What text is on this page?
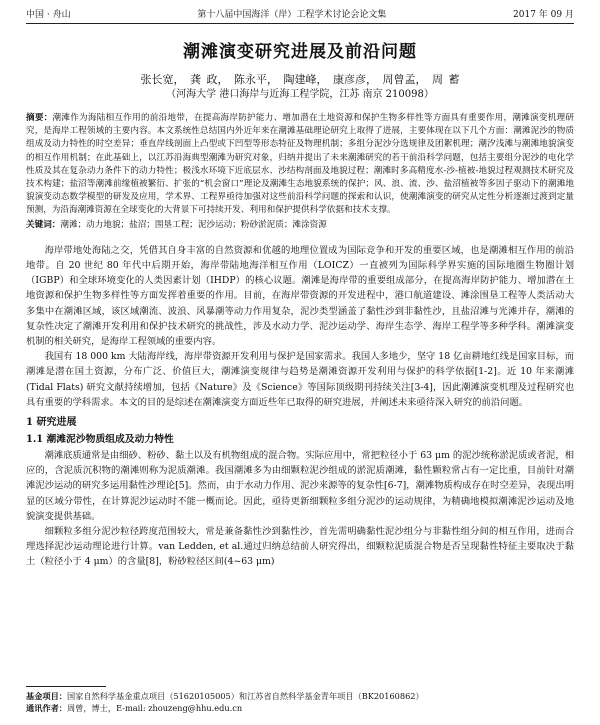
中国 · 舟山	第十八届中国海洋（岸）工程学术讨论会论文集	2017 年 09 月
潮滩演变研究进展及前沿问题
张长宽， 龚 政， 陈永平， 陶建峰， 康彦彦， 周曾孟， 周 蓄
（河海大学 港口海岸与近海工程学院，江苏 南京 210098）
摘要：潮滩作为海陆相互作用的前沿地带，在提高海岸防护能力、增加潜在土地资源和保护生物多样性等方面具有重要作用，潮滩演变机理研究，是海岸工程领域的主要内容。本文系统性总结国内外近年来在潮滩基础理论研究上取得了进展，主要体现在以下几个方面：潮滩泥沙的物质组成及动力特性的时空差异；垂直岸线剖面上凸型或下凹型等形态特征及物理机制；多组分泥沙分选规律及团絮机理；潮汐浅滩与潮滩地貌演变的相互作用机制；在此基础上，以江苏沿海典型潮滩为研究对象，归纳并提出了未来潮滩研究的若干前沿科学问题，包括主要组分泥沙的电化学性质及其在复杂动力条件下的动力特性；极浅水环境下近底层水、沙结构剖面及地貌过程；潮滩时多高精度水-沙-植被-地貌过程观测技术研究及技术构建；盐沼等潮滩前缘植被繁衍、扩张的“机会窗口”理论及潮滩生态地貌系统的保护；风、浪、流、沙、盐沼植被等多因子驱动下的潮滩地貌演变动态数学模型的研发及应用，学术界、工程界亟待加强对这些前沿科学问题的探索和认识，使潮滩演变的研究从定性分析逐渐过渡到定量预测，为沿海潮滩资源在全球变化的大背景下可持续开发、利用和保护提供科学依据和技术支撑。
关键词：潮滩；动力地貌；盐沼；围垦工程；泥沙运动；粉砂淤泥质；滩涂资源

海岸带地处海陆之交，凭借其自身丰富的自然资源和优越的地理位置成为国际竞争和开发的重要区域，也是潮滩相互作用的前沿地带。自 20 世纪 80 年代中后期开始，海岸带陆地海洋相互作用（LOICZ）一直被列为国际科学界实施的国际地圈生物圈计划（IGBP）和全球环境变化的人类因素计划（IHDP）的核心议题。潮滩是海岸带的重要组成部分，在提高海岸防护能力、增加潜在土地资源和保护生物多样性等方面发挥着重要的作用。目前，在海岸带资源的开发进程中，港口航道建设、滩涂围垦工程等人类活动大多集中在潮滩区域，该区域潮流、波浪、风暴潮等动力作用复杂，泥沙类型涵盖了黏性沙到非黏性沙，且盐沼滩与光滩并存，潮滩的复杂性决定了潮滩开发利用和保护技术研究的挑战性，涉及水动力学、泥沙运动学、海岸生态学、海岸工程学等多种学科。潮滩演变机制的相关研究，是海岸工程领域的重要内容。

我国有 18 000 km 大陆海岸线，海岸带资源开发利用与保护是国家需求。我国人多地少，坚守 18 亿亩耕地红线是国家目标，而潮滩是潜在国土资源，分布广泛、价值巨大，潮滩演变规律与趋势是潮滩资源开发利用与保护的科学依据[1-2]。近 10 年来潮滩(Tidal Flats) 研究文献持续增加，包括《Nature》及《Science》等国际顶级期刊持续关注[3-4]，因此潮滩演变机理及过程研究也具有重要的学科需求。本文的目的是综述在潮滩演变方面近些年已取得的研究进展，并阐述未来亟待深入研究的前沿问题。

1 研究进展
1.1 潮滩泥沙物质组成及动力特性

潮滩底质通常是由细砂、粉砂、黏土以及有机物组成的混合物。实际应用中，常把粒径小于 63 μm 的泥沙统称淤泥质或者泥，相应的，含泥质沉积物的潮滩则称为泥质潮滩。我国潮滩多为由细颗粒泥沙组成的淤泥质潮滩，黏性颗粒常占有一定比重，目前针对潮滩泥沙运动的研究多运用黏性沙理论[5]。然而，由于水动力作用、泥沙来源等的复杂性[6-7]，潮滩物质构成存在时空差异，表现出明显的区域分带性，在计算泥沙运动时不能一概而论。因此，亟待更新细颗粒多组分泥沙的运动规律，为精确地模拟潮滩泥沙运动及地貌演变提供基础。

细颗粒多组分泥沙粒径跨度范围较大，常是兼备黏性沙到黏性沙，首先需明确黏性泥沙组分与非黏性组分间的相互作用，进而合理选择泥沙运动理论进行计算。van Ledden, et al.通过归纳总结前人研究得出，细颗粒泥质混合物是否呈现黏性特征主要取决于黏土（粒径小于 4 μm）的含量[8]，粉砂粒径区间(4~63 μm)

基金项目：国家自然科学基金重点项目（51620105005）和江苏省自然科学基金青年项目（BK20160862）
通讯作者：周曾，博士，E-mail: zhouzeng@hhu.edu.cn
